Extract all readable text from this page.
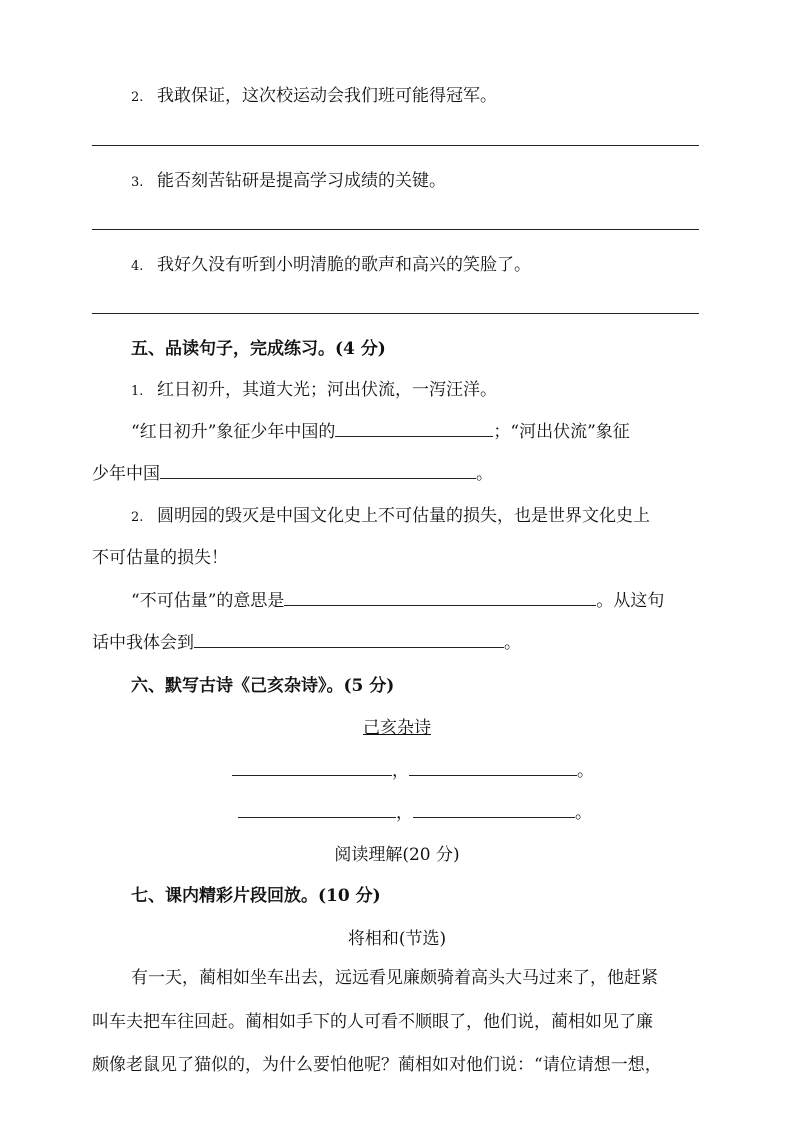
2. 我敢保证，这次校运动会我们班可能得冠军。
3. 能否刻苦钻研是提高学习成绩的关键。
4. 我好久没有听到小明清脆的歌声和高兴的笑脸了。
五、品读句子，完成练习。(4 分)
1. 红日初升，其道大光；河出伏流，一泻汪洋。
“红日初升”象征少年中国的	；“河出伏流”象征
少年中国	。
2. 圆明园的毁灭是中国文化史上不可估量的损失，也是世界文化史上
不可估量的损失！
“不可估量”的意思是	。从这句
话中我体会到	。
六、默写古诗《己亥杂诗》。(5 分)
己亥杂诗
，	。
，	。
阅读理解(20 分)
七、课内精彩片段回放。(10 分)
将相和(节选)
有一天，蔺相如坐车出去，远远看见廉颇骑着高头大马过来了，他赶紧
叫车夫把车往回赶。蔺相如手下的人可看不顺眼了，他们说，蔺相如见了廉
颇像老鼠见了猫似的，为什么要怕他呢？蔺相如对他们说：“请位请想一想，
